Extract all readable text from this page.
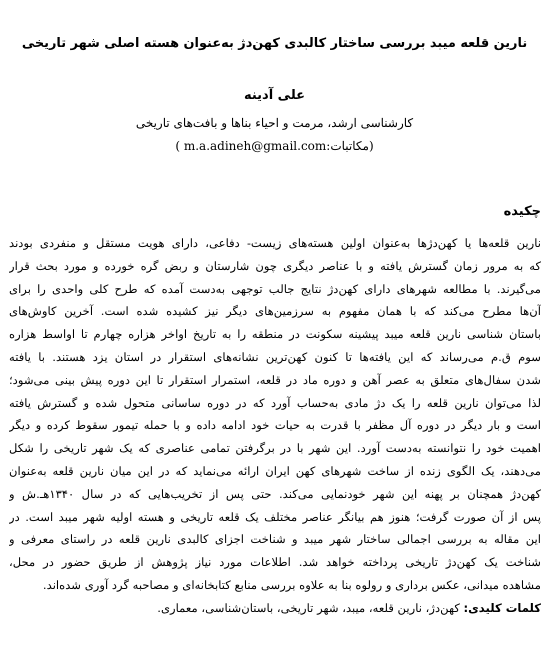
نارین قلعه میبد بررسی ساختار کالبدی کهن‌دژ به‌عنوان هسته اصلی شهر تاریخی
علی آدینه
کارشناسی ارشد، مرمت و احیاء بناها و بافت‌های تاریخی
(مکاتبات:m.a.adineh@gmail.com )
چکیده
نارین قلعه‌ها یا کهن‌دژها به‌عنوان اولین هسته‌های زیست- دفاعی، دارای هویت مستقل و منفردی بودند
که به مرور زمان گسترش یافته و با عناصر دیگری چون شارستان و ربض گره خورده و مورد بحث قرار
می‌گیرند. با مطالعه شهرهای دارای کهن‌دژ نتایج جالب توجهی به‌دست آمده که طرح کلی واحدی را برای
آن‌ها مطرح می‌کند که با همان مفهوم به سرزمین‌های دیگر نیز کشیده شده است. آخرین کاوش‌های
باستان شناسی نارین قلعه میبد پیشینه سکونت در منطقه را به تاریخ اواخر هزاره چهارم تا اواسط هزاره
سوم ق.م می‌رساند که این یافته‌ها تا کنون کهن‌ترین نشانه‌های استقرار در استان یزد هستند. با یافته
شدن سفال‌های متعلق به عصر آهن و دوره ماد در قلعه، استمرار استقرار تا این دوره پیش بینی می‌شود؛
لذا می‌توان نارین قلعه را یک دژ مادی به‌حساب آورد که در دوره ساسانی متحول شده و گسترش یافته
است و بار دیگر در دوره آل مظفر با قدرت به حیات خود ادامه داده و با حمله تیمور سقوط کرده و دیگر
اهمیت خود را نتوانسته به‌دست آورد. این شهر با در برگرفتن تمامی عناصری که یک شهر تاریخی را شکل
می‌دهند، یک الگوی زنده از ساخت شهرهای کهن ایران ارائه می‌نماید که در این میان نارین قلعه به‌عنوان
کهن‌دژ همچنان بر پهنه این شهر خودنمایی می‌کند. حتی پس از تخریب‌هایی که در سال ۱۳۴۰هـ.ش و
پس از آن صورت گرفت؛ هنوز هم بیانگر عناصر مختلف یک قلعه تاریخی و هسته اولیه شهر میبد است. در
این مقاله به بررسی اجمالی ساختار شهر میبد و شناخت اجزای کالبدی نارین قلعه در راستای معرفی و
شناخت یک کهن‌دژ تاریخی پرداخته خواهد شد. اطلاعات مورد نیاز پژوهش از طریق حضور در محل،
مشاهده میدانی، عکس برداری و رولوه بنا به علاوه بررسی منابع کتابخانه‌ای و مصاحبه گرد آوری شده‌اند.
کلمات کلیدی: کهن‌دژ، نارین قلعه، میبد، شهر تاریخی، باستان‌شناسی، معماری.
